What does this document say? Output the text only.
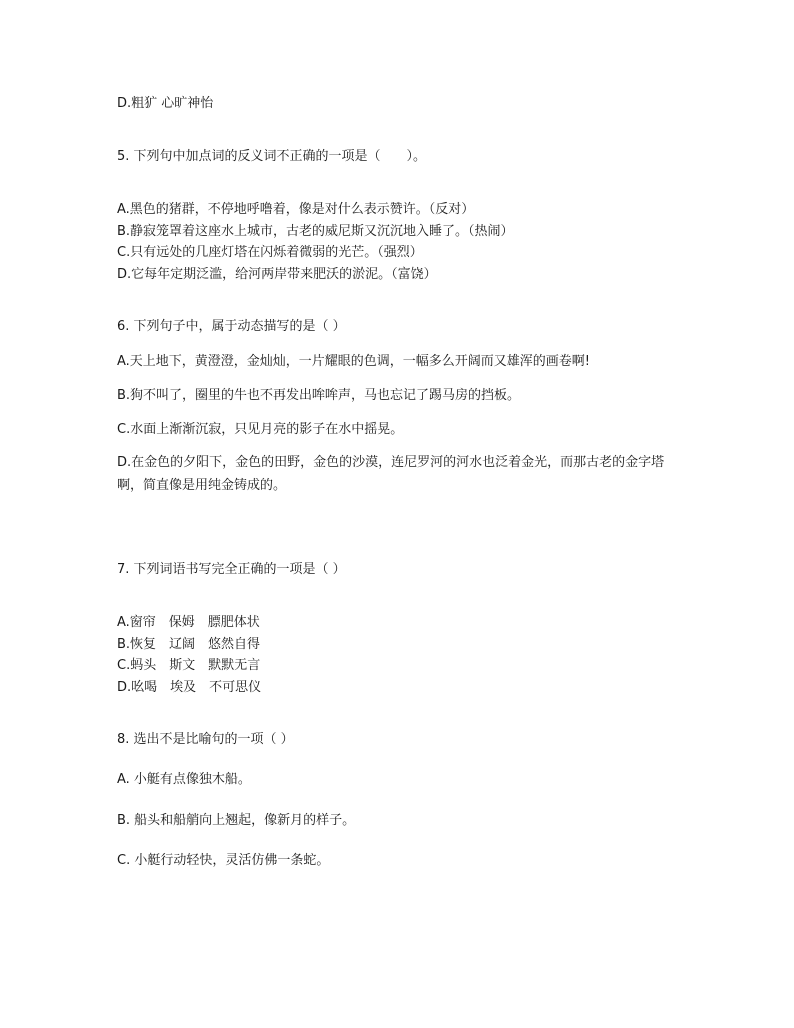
D.粗犷 心旷神怡
5. 下列句中加点词的反义词不正确的一项是（　　）。
A.黑色的猪群，不停地呼噜着，像是对什么表示赞许。（反对）
B.静寂笼罩着这座水上城市，古老的威尼斯又沉沉地入睡了。（热闹）
C.只有远处的几座灯塔在闪烁着微弱的光芒。（强烈）
D.它每年定期泛滥，给河两岸带来肥沃的淤泥。（富饶）
6. 下列句子中，属于动态描写的是（ ）
A.天上地下，黄澄澄，金灿灿，一片耀眼的色调，一幅多么开阔而又雄浑的画卷啊!
B.狗不叫了，圈里的牛也不再发出哞哞声，马也忘记了踢马房的挡板。
C.水面上渐渐沉寂，只见月亮的影子在水中摇晃。
D.在金色的夕阳下，金色的田野，金色的沙漠，连尼罗河的河水也泛着金光，而那古老的金字塔啊，简直像是用纯金铸成的。
7. 下列词语书写完全正确的一项是（ ）
A.窗帘　保姆　膘肥体状
B.恢复　辽阔　悠然自得
C.蚂头　斯文　默默无言
D.吆喝　埃及　不可思仪
8. 选出不是比喻句的一项（ ）
A. 小艇有点像独木船。
B. 船头和船艄向上翘起，像新月的样子。
C. 小艇行动轻快，灵活仿佛一条蛇。
